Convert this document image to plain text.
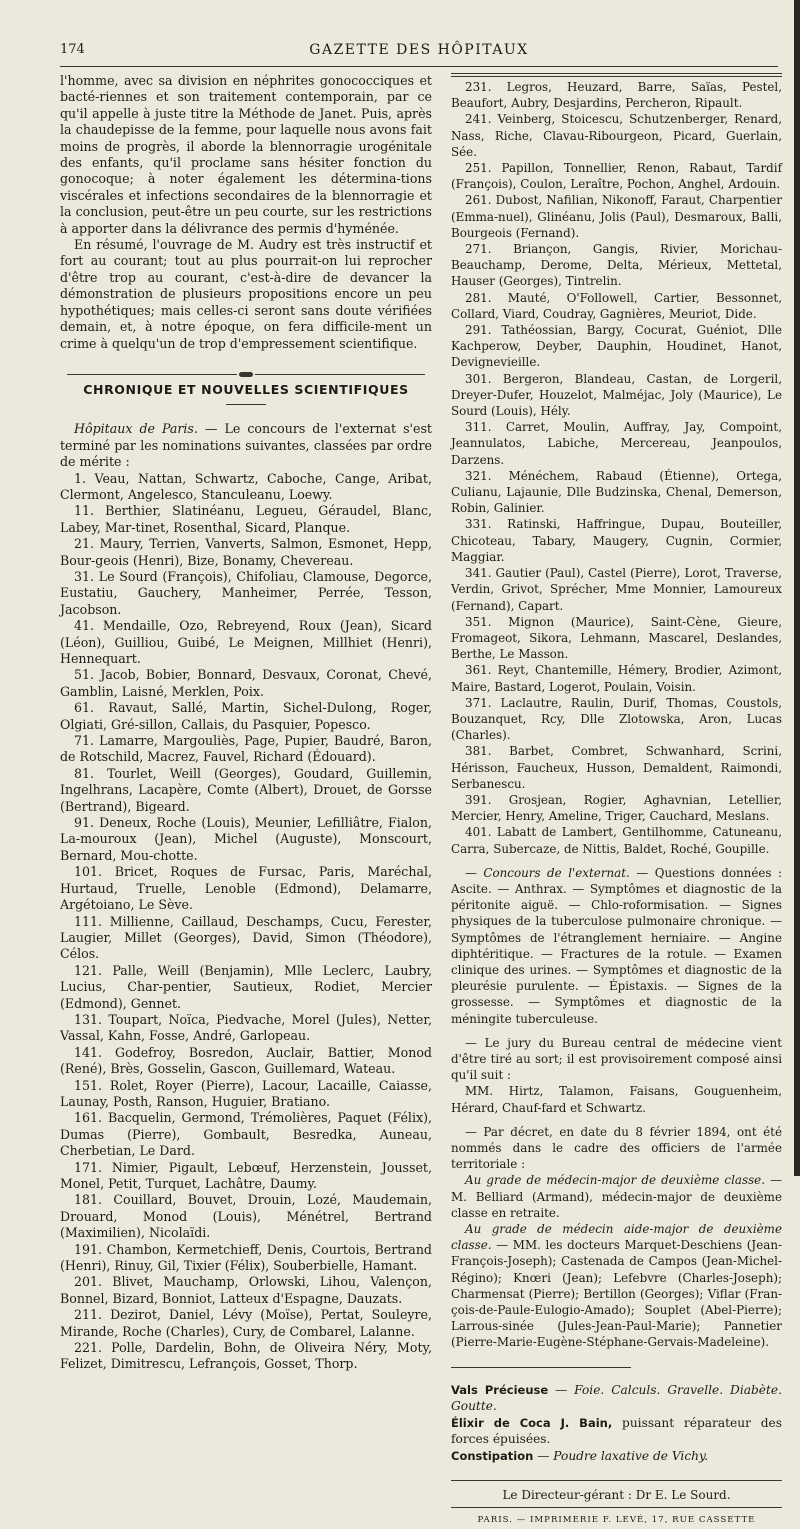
174	GAZETTE DES HÔPITAUX

l'homme, avec sa division en néphrites gonococciques et bacté-riennes et son traitement contemporain, par ce qu'il appelle à juste titre la Méthode de Janet. Puis, après la chaudepisse de la femme, pour laquelle nous avons fait moins de progrès, il aborde la blennorragie urogénitale des enfants, qu'il proclame sans hésiter fonction du gonocoque; à noter également les détermina-tions viscérales et infections secondaires de la blennorragie et la conclusion, peut-être un peu courte, sur les restrictions à apporter dans la délivrance des permis d'hyménée.

En résumé, l'ouvrage de M. Audry est très instructif et fort au courant; tout au plus pourrait-on lui reprocher d'être trop au courant, c'est-à-dire de devancer la démonstration de plusieurs propositions encore un peu hypothétiques; mais celles-ci seront sans doute vérifiées demain, et, à notre époque, on fera difficile-ment un crime à quelqu'un de trop d'empressement scientifique.

CHRONIQUE ET NOUVELLES SCIENTIFIQUES

Hôpitaux de Paris. — Le concours de l'externat s'est terminé par les nominations suivantes, classées par ordre de mérite :

1. Veau, Nattan, Schwartz, Caboche, Cange, Aribat, Clermont, Angelesco, Stanculeanu, Loewy.

11. Berthier, Slatinéanu, Legueu, Géraudel, Blanc, Labey, Mar-tinet, Rosenthal, Sicard, Planque.

21. Maury, Terrien, Vanverts, Salmon, Esmonet, Hepp, Bour-geois (Henri), Bize, Bonamy, Chevereau.

31. Le Sourd (François), Chifoliau, Clamouse, Degorce, Eustatiu, Gauchery, Manheimer, Perrée, Tesson, Jacobson.

41. Mendaille, Ozo, Rebreyend, Roux (Jean), Sicard (Léon), Guilliou, Guibé, Le Meignen, Millhiet (Henri), Hennequart.

51. Jacob, Bobier, Bonnard, Desvaux, Coronat, Chevé, Gamblin, Laisné, Merklen, Poix.

61. Ravaut, Sallé, Martin, Sichel-Dulong, Roger, Olgiati, Gré-sillon, Callais, du Pasquier, Popesco.

71. Lamarre, Margouliès, Page, Pupier, Baudré, Baron, de Rotschild, Macrez, Fauvel, Richard (Édouard).

81. Tourlet, Weill (Georges), Goudard, Guillemin, Ingelhrans, Lacapère, Comte (Albert), Drouet, de Gorsse (Bertrand), Bigeard.

91. Deneux, Roche (Louis), Meunier, Lefilliâtre, Fialon, La-mouroux (Jean), Michel (Auguste), Monscourt, Bernard, Mou-chotte.

101. Bricet, Roques de Fursac, Paris, Maréchal, Hurtaud, Truelle, Lenoble (Edmond), Delamarre, Argétoiano, Le Sève.

111. Millienne, Caillaud, Deschamps, Cucu, Ferester, Laugier, Millet (Georges), David, Simon (Théodore), Célos.

121. Palle, Weill (Benjamin), Mlle Leclerc, Laubry, Lucius, Char-pentier, Sautieux, Rodiet, Mercier (Edmond), Gennet.

131. Toupart, Noïca, Piedvache, Morel (Jules), Netter, Vassal, Kahn, Fosse, André, Garlopeau.

141. Godefroy, Bosredon, Auclair, Battier, Monod (René), Brès, Gosselin, Gascon, Guillemard, Wateau.

151. Rolet, Royer (Pierre), Lacour, Lacaille, Caiasse, Launay, Posth, Ranson, Huguier, Bratiano.

161. Bacquelin, Germond, Trémolières, Paquet (Félix), Dumas (Pierre), Gombault, Besredka, Auneau, Cherbetian, Le Dard.

171. Nimier, Pigault, Lebœuf, Herzenstein, Jousset, Monel, Petit, Turquet, Lachâtre, Daumy.

181. Couillard, Bouvet, Drouin, Lozé, Maudemain, Drouard, Monod (Louis), Ménétrel, Bertrand (Maximilien), Nicolaïdi.

191. Chambon, Kermetchieff, Denis, Courtois, Bertrand (Henri), Rinuy, Gil, Tixier (Félix), Souberbielle, Hamant.

201. Blivet, Mauchamp, Orlowski, Lihou, Valençon, Bonnel, Bizard, Bonniot, Latteux d'Espagne, Dauzats.

211. Dezirot, Daniel, Lévy (Moïse), Pertat, Souleyre, Mirande, Roche (Charles), Cury, de Combarel, Lalanne.

221. Polle, Dardelin, Bohn, de Oliveira Néry, Moty, Felizet, Dimitrescu, Lefrançois, Gosset, Thorp.

231. Legros, Heuzard, Barre, Saïas, Pestel, Beaufort, Aubry, Desjardins, Percheron, Ripault.

241. Veinberg, Stoicescu, Schutzenberger, Renard, Nass, Riche, Clavau-Ribourgeon, Picard, Guerlain, Sée.

251. Papillon, Tonnellier, Renon, Rabaut, Tardif (François), Coulon, Leraître, Pochon, Anghel, Ardouin.

261. Dubost, Nafilian, Nikonoff, Faraut, Charpentier (Emma-nuel), Glinéanu, Jolis (Paul), Desmaroux, Balli, Bourgeois (Fernand).

271. Briançon, Gangis, Rivier, Morichau-Beauchamp, Derome, Delta, Mérieux, Mettetal, Hauser (Georges), Tintrelin.

281. Mauté, O'Followell, Cartier, Bessonnet, Collard, Viard, Coudray, Gagnières, Meuriot, Dide.

291. Tathéossian, Bargy, Cocurat, Guéniot, Dlle Kachperow, Deyber, Dauphin, Houdinet, Hanot, Devignevieille.

301. Bergeron, Blandeau, Castan, de Lorgeril, Dreyer-Dufer, Houzelot, Malméjac, Joly (Maurice), Le Sourd (Louis), Hély.

311. Carret, Moulin, Auffray, Jay, Compoint, Jeannulatos, Labiche, Mercereau, Jeanpoulos, Darzens.

321. Ménéchem, Rabaud (Étienne), Ortega, Culianu, Lajaunie, Dlle Budzinska, Chenal, Demerson, Robin, Galinier.

331. Ratinski, Haffringue, Dupau, Bouteiller, Chicoteau, Tabary, Maugery, Cugnin, Cormier, Maggiar.

341. Gautier (Paul), Castel (Pierre), Lorot, Traverse, Verdin, Grivot, Sprécher, Mme Monnier, Lamoureux (Fernand), Capart.

351. Mignon (Maurice), Saint-Cène, Gieure, Fromageot, Sikora, Lehmann, Mascarel, Deslandes, Berthe, Le Masson.

361. Reyt, Chantemille, Hémery, Brodier, Azimont, Maire, Bastard, Logerot, Poulain, Voisin.

371. Laclautre, Raulin, Durif, Thomas, Coustols, Bouzanquet, Rcy, Dlle Zlotowska, Aron, Lucas (Charles).

381. Barbet, Combret, Schwanhard, Scrini, Hérisson, Faucheux, Husson, Demaldent, Raimondi, Serbanescu.

391. Grosjean, Rogier, Aghavnian, Letellier, Mercier, Henry, Ameline, Triger, Cauchard, Meslans.

401. Labatt de Lambert, Gentilhomme, Catuneanu, Carra, Subercaze, de Nittis, Baldet, Roché, Goupille.

— Concours de l'externat. — Questions données : Ascite. — Anthrax. — Symptômes et diagnostic de la péritonite aiguë. — Chlo-roformisation. — Signes physiques de la tuberculose pulmonaire chronique. — Symptômes de l'étranglement herniaire. — Angine diphtéritique. — Fractures de la rotule. — Examen clinique des urines. — Symptômes et diagnostic de la pleurésie purulente. — Épistaxis. — Signes de la grossesse. — Symptômes et diagnostic de la méningite tuberculeuse.

— Le jury du Bureau central de médecine vient d'être tiré au sort; il est provisoirement composé ainsi qu'il suit :

MM. Hirtz, Talamon, Faisans, Gouguenheim, Hérard, Chauf-fard et Schwartz.

— Par décret, en date du 8 février 1894, ont été nommés dans le cadre des officiers de l'armée territoriale :

Au grade de médecin-major de deuxième classe. — M. Belliard (Armand), médecin-major de deuxième classe en retraite.

Au grade de médecin aide-major de deuxième classe. — MM. les docteurs Marquet-Deschiens (Jean-François-Joseph); Castenada de Campos (Jean-Michel-Régino); Knœri (Jean); Lefebvre (Charles-Joseph); Charmensat (Pierre); Bertillon (Georges); Viflar (Fran-çois-de-Paule-Eulogio-Amado); Souplet (Abel-Pierre); Larrous-sinée (Jules-Jean-Paul-Marie); Pannetier (Pierre-Marie-Eugène-Stéphane-Gervais-Madeleine).

Vals Précieuse — Foie. Calculs. Gravelle. Diabète. Goutte.
Élixir de Coca J. Bain, puissant réparateur des forces épuisées.
Constipation — Poudre laxative de Vichy.
Le Directeur-gérant : Dr E. Le Sourd.
PARIS. — IMPRIMERIE F. LEVÉ, 17, RUE CASSETTE
